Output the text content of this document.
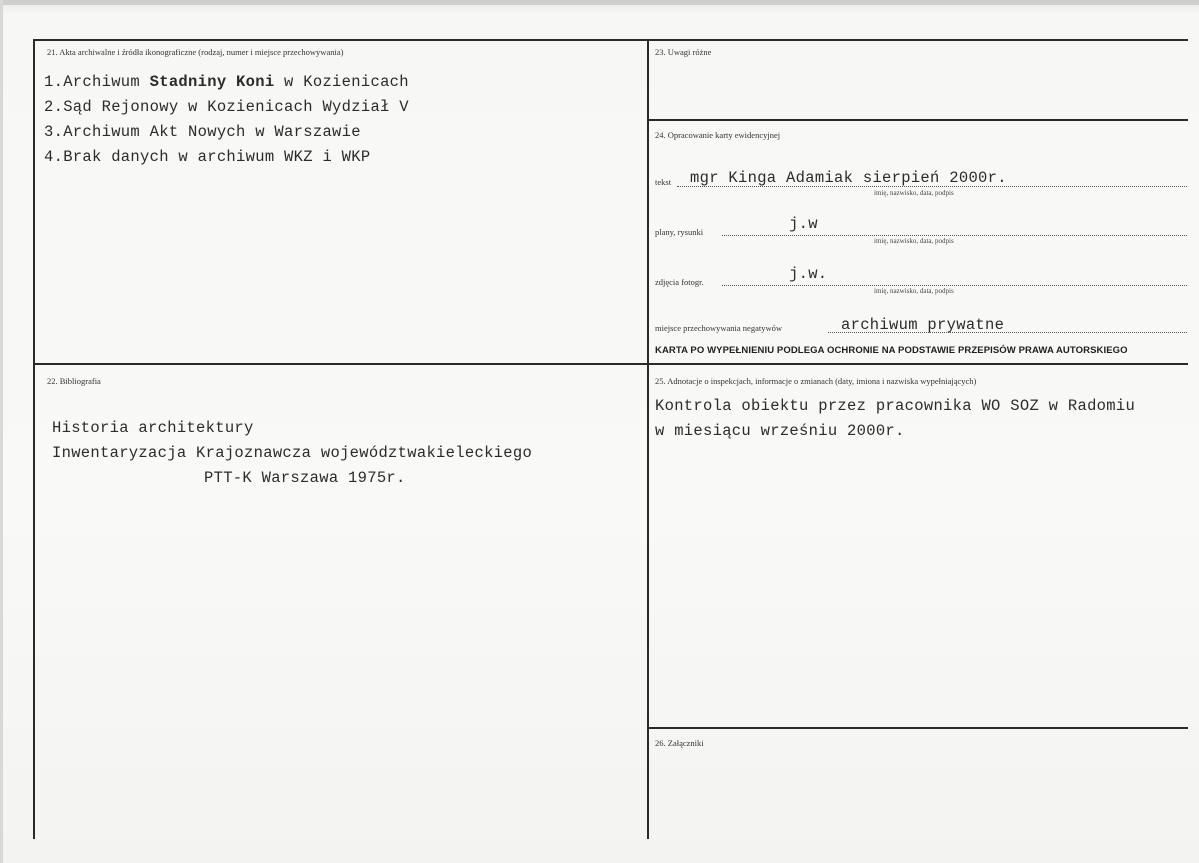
21. Akta archiwalne i źródła ikonograficzne (rodzaj, numer i miejsce przechowywania)
1.Archiwum Stadniny Koni w Kozienicach
2.Sąd Rejonowy w Kozienicach Wydział V
3.Archiwum Akt Nowych w Warszawie
4.Brak danych w archiwum WKZ i WKP
22. Bibliografia
Historia architektury
Inwentaryzacja Krajoznawcza województwakieleckiego
PTT-K Warszawa 1975r.
23. Uwagi różne
24. Opracowanie karty ewidencyjnej
tekst mgr Kinga Adamiak sierpień 2000r.
imię, nazwisko, data, podpis
plany, rysunki	j.w
imię, nazwisko, data, podpis
zdjęcia fotogr.	j.w.
imię, nazwisko, data, podpis
miejsce przechowywania negatywów	archiwum prywatne
KARTA PO WYPEŁNIENIU PODLEGA OCHRONIE NA PODSTAWIE PRZEPISÓW PRAWA AUTORSKIEGO
25. Adnotacje o inspekcjach, informacje o zmianach (daty, imiona i nazwiska wypełniających)
Kontrola obiektu przez pracownika WO SOZ w Radomiu
w miesiącu wrześniu 2000r.
26. Załączniki
